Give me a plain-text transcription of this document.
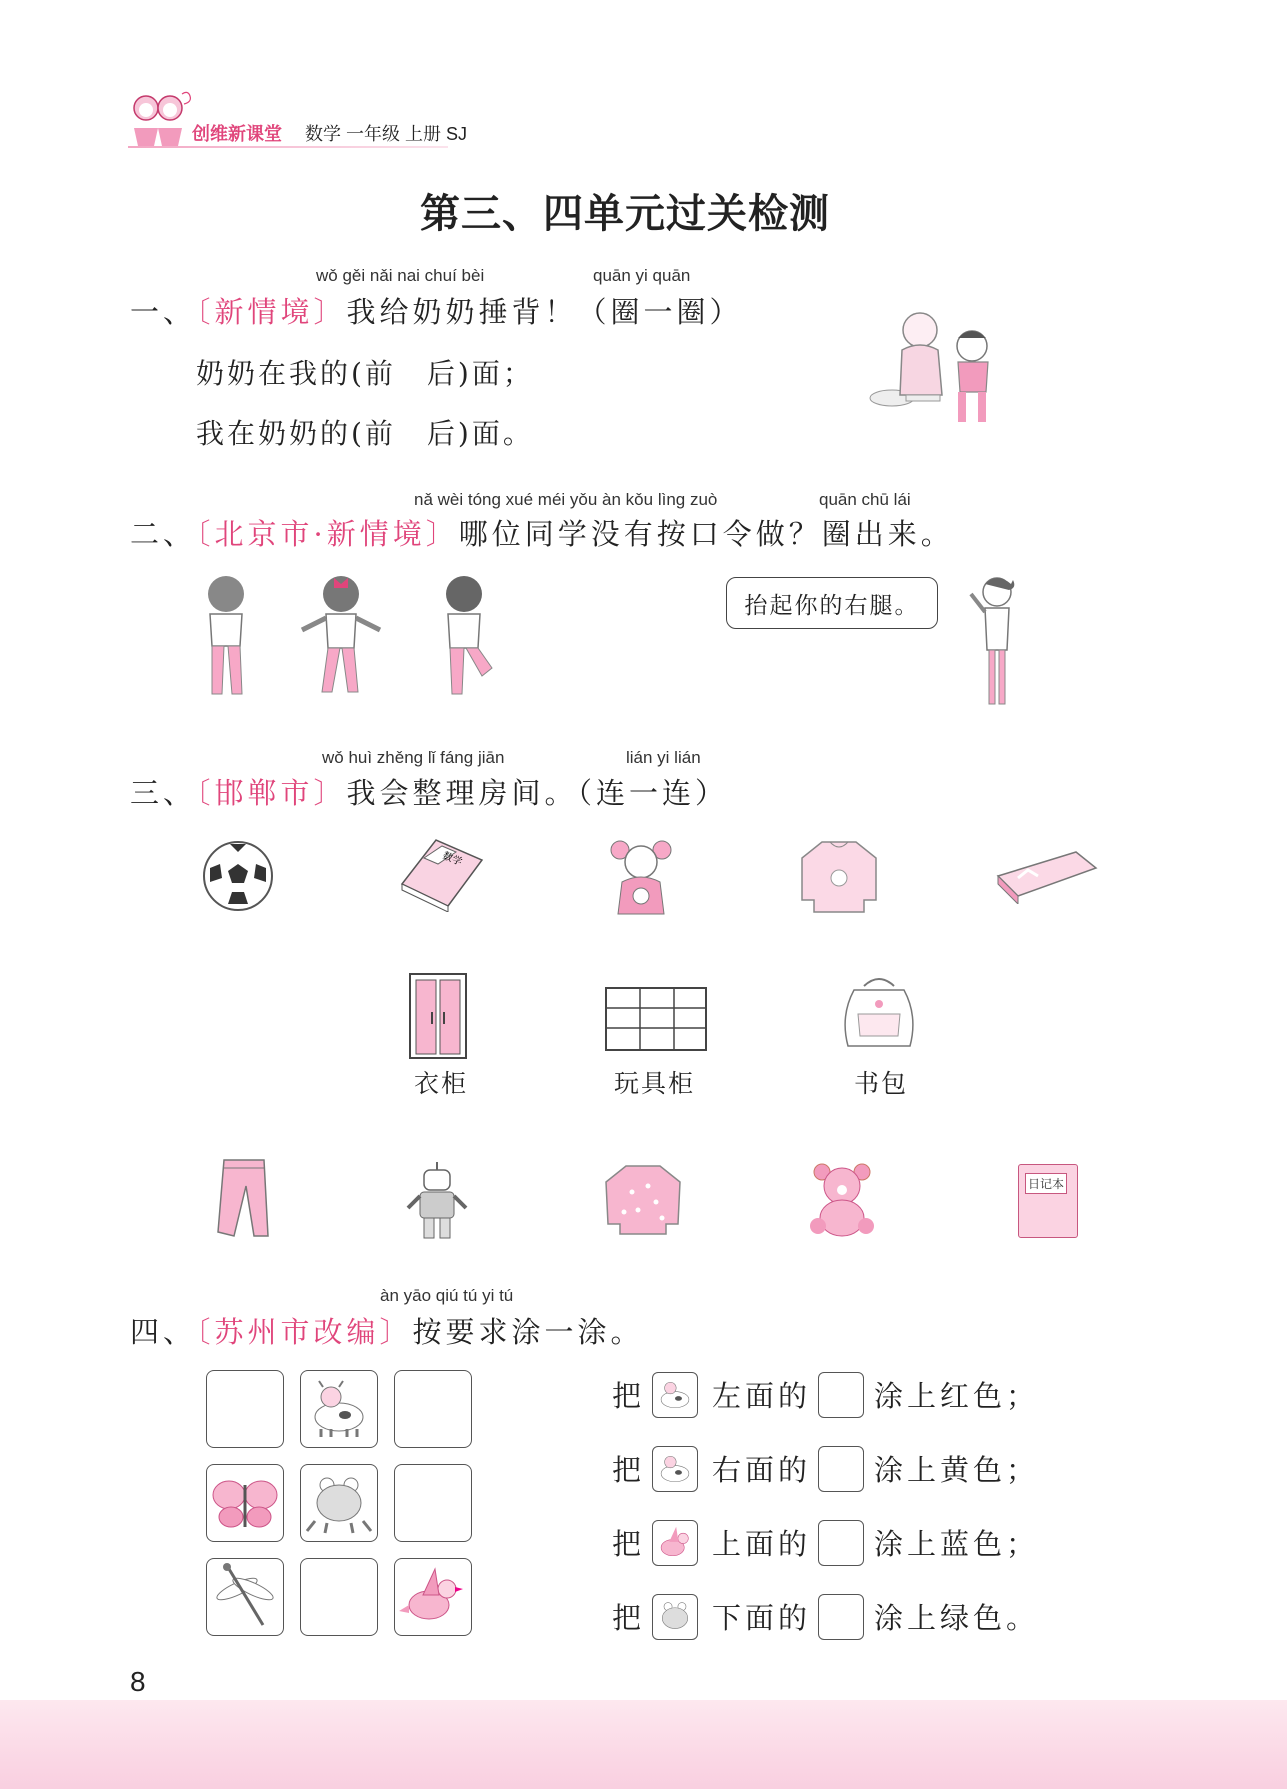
创维新课堂 数学 一年级 上册 SJ
第三、四单元过关检测
wǒ gěi nǎi nai chuí bèi	quān yi quān
一、〔新情境〕我给奶奶捶背！（圈一圈）
奶奶在我的(前　后)面；
我在奶奶的(前　后)面。
nǎ wèi tóng xué méi yǒu àn kǒu lìng zuò	quān chū lái
二、〔北京市·新情境〕哪位同学没有按口令做？圈出来。
抬起你的右腿。
wǒ huì zhěng lǐ fáng jiān	lián yi lián
三、〔邯郸市〕我会整理房间。（连一连）
数学
衣柜	玩具柜	书包
日记本
àn yāo qiú tú yi tú
四、〔苏州市改编〕按要求涂一涂。
把 左面的 涂上红色；
把 右面的 涂上黄色；
把 上面的 涂上蓝色；
把 下面的 涂上绿色。
8
